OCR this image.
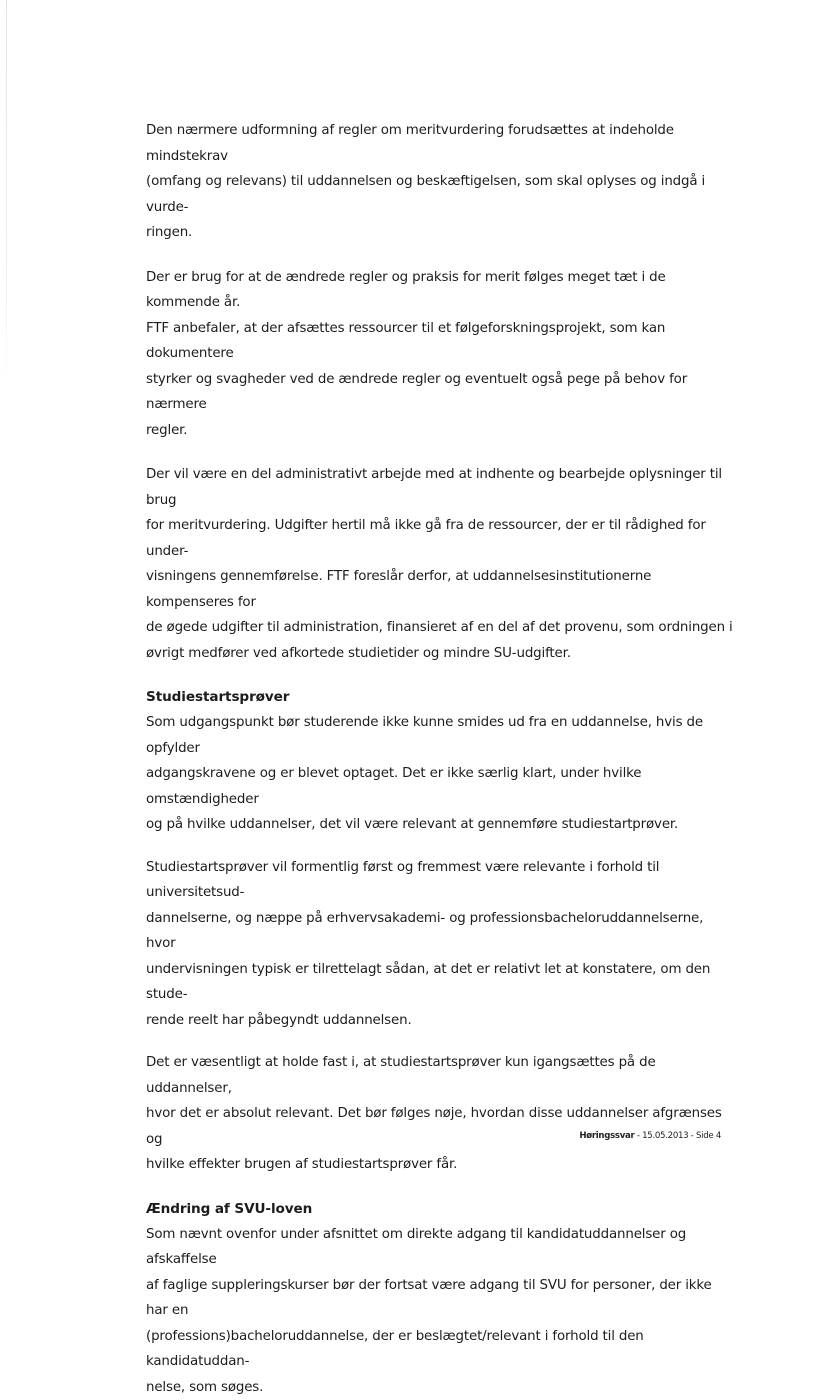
Den nærmere udformning af regler om meritvurdering forudsættes at indeholde mindstekrav
(omfang og relevans) til uddannelsen og beskæftigelsen, som skal oplyses og indgå i vurde-
ringen.

Der er brug for at de ændrede regler og praksis for merit følges meget tæt i de kommende år.
FTF anbefaler, at der afsættes ressourcer til et følgeforskningsprojekt, som kan dokumentere
styrker og svagheder ved de ændrede regler og eventuelt også pege på behov for nærmere
regler.

Der vil være en del administrativt arbejde med at indhente og bearbejde oplysninger til brug
for meritvurdering. Udgifter hertil må ikke gå fra de ressourcer, der er til rådighed for under-
visningens gennemførelse. FTF foreslår derfor, at uddannelsesinstitutionerne kompenseres for
de øgede udgifter til administration, finansieret af en del af det provenu, som ordningen i
øvrigt medfører ved afkortede studietider og mindre SU-udgifter.

Studiestartsprøver

Som udgangspunkt bør studerende ikke kunne smides ud fra en uddannelse, hvis de opfylder
adgangskravene og er blevet optaget. Det er ikke særlig klart, under hvilke omstændigheder
og på hvilke uddannelser, det vil være relevant at gennemføre studiestartprøver.

Studiestartsprøver vil formentlig først og fremmest være relevante i forhold til universitetsud-
dannelserne, og næppe på erhvervsakademi- og professionsbacheloruddannelserne, hvor
undervisningen typisk er tilrettelagt sådan, at det er relativt let at konstatere, om den stude-
rende reelt har påbegyndt uddannelsen.

Det er væsentligt at holde fast i, at studiestartsprøver kun igangsættes på de uddannelser,
hvor det er absolut relevant. Det bør følges nøje, hvordan disse uddannelser afgrænses og
hvilke effekter brugen af studiestartsprøver får.

Ændring af SVU-loven

Som nævnt ovenfor under afsnittet om direkte adgang til kandidatuddannelser og afskaffelse
af faglige suppleringskurser bør der fortsat være adgang til SVU for personer, der ikke har en
(professions)bacheloruddannelse, der er beslægtet/relevant i forhold til den kandidatuddan-
nelse, som søges.

Høringssvar - 15.05.2013 - Side 4
